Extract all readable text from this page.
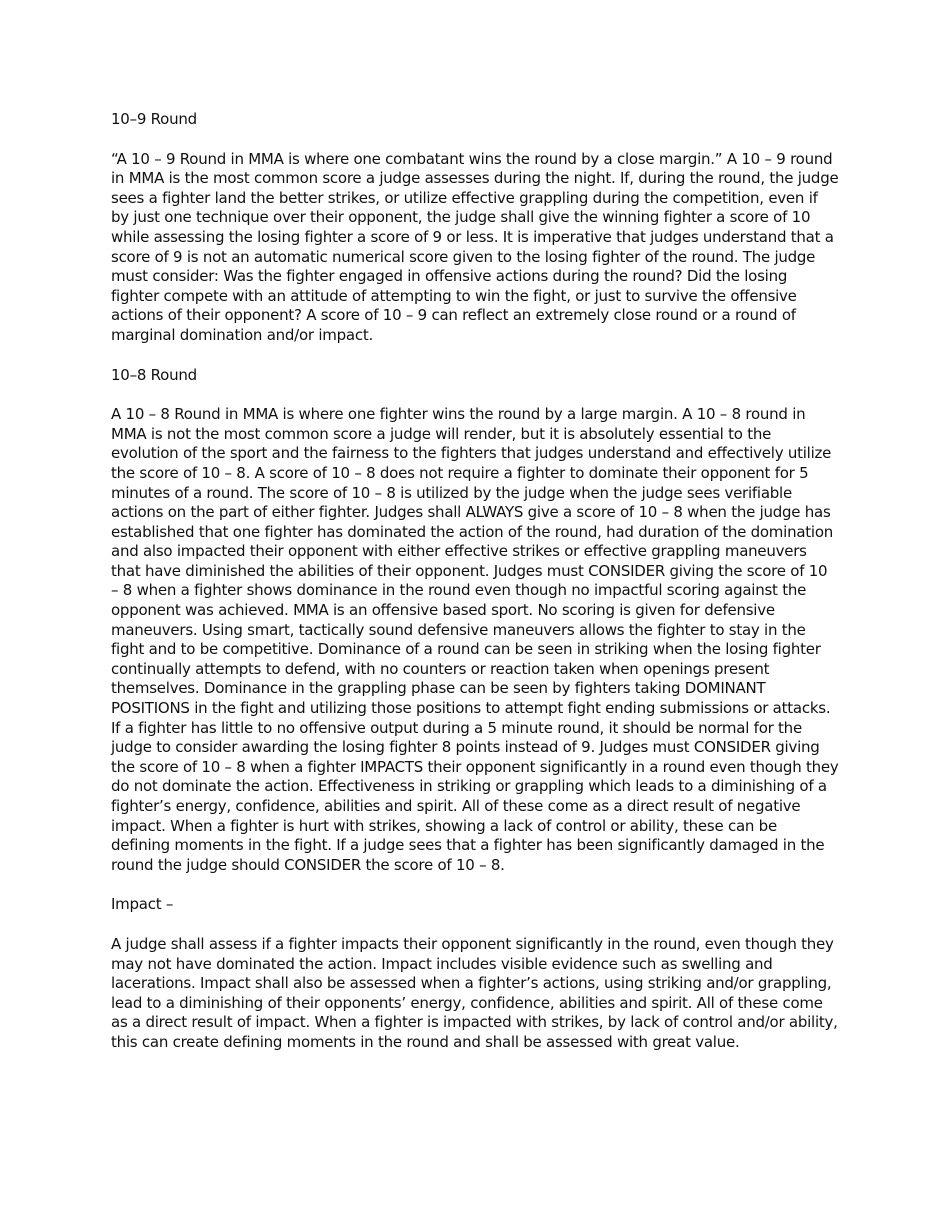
10–9 Round
“A 10 – 9 Round in MMA is where one combatant wins the round by a close margin.” A 10 – 9 round in MMA is the most common score a judge assesses during the night. If, during the round, the judge sees a fighter land the better strikes, or utilize effective grappling during the competition, even if by just one technique over their opponent, the judge shall give the winning fighter a score of 10 while assessing the losing fighter a score of 9 or less. It is imperative that judges understand that a score of 9 is not an automatic numerical score given to the losing fighter of the round. The judge must consider: Was the fighter engaged in offensive actions during the round? Did the losing fighter compete with an attitude of attempting to win the fight, or just to survive the offensive actions of their opponent? A score of 10 – 9 can reflect an extremely close round or a round of marginal domination and/or impact.
10–8 Round
A 10 – 8 Round in MMA is where one fighter wins the round by a large margin. A 10 – 8 round in MMA is not the most common score a judge will render, but it is absolutely essential to the evolution of the sport and the fairness to the fighters that judges understand and effectively utilize the score of 10 – 8. A score of 10 – 8 does not require a fighter to dominate their opponent for 5 minutes of a round. The score of 10 – 8 is utilized by the judge when the judge sees verifiable actions on the part of either fighter. Judges shall ALWAYS give a score of 10 – 8 when the judge has established that one fighter has dominated the action of the round, had duration of the domination and also impacted their opponent with either effective strikes or effective grappling maneuvers that have diminished the abilities of their opponent. Judges must CONSIDER giving the score of 10 – 8 when a fighter shows dominance in the round even though no impactful scoring against the opponent was achieved. MMA is an offensive based sport. No scoring is given for defensive maneuvers. Using smart, tactically sound defensive maneuvers allows the fighter to stay in the fight and to be competitive. Dominance of a round can be seen in striking when the losing fighter continually attempts to defend, with no counters or reaction taken when openings present themselves. Dominance in the grappling phase can be seen by fighters taking DOMINANT POSITIONS in the fight and utilizing those positions to attempt fight ending submissions or attacks. If a fighter has little to no offensive output during a 5 minute round, it should be normal for the judge to consider awarding the losing fighter 8 points instead of 9. Judges must CONSIDER giving the score of 10 – 8 when a fighter IMPACTS their opponent significantly in a round even though they do not dominate the action. Effectiveness in striking or grappling which leads to a diminishing of a fighter’s energy, confidence, abilities and spirit. All of these come as a direct result of negative impact. When a fighter is hurt with strikes, showing a lack of control or ability, these can be defining moments in the fight. If a judge sees that a fighter has been significantly damaged in the round the judge should CONSIDER the score of 10 – 8.
Impact –
A judge shall assess if a fighter impacts their opponent significantly in the round, even though they may not have dominated the action. Impact includes visible evidence such as swelling and lacerations. Impact shall also be assessed when a fighter’s actions, using striking and/or grappling, lead to a diminishing of their opponents’ energy, confidence, abilities and spirit. All of these come as a direct result of impact. When a fighter is impacted with strikes, by lack of control and/or ability, this can create defining moments in the round and shall be assessed with great value.
